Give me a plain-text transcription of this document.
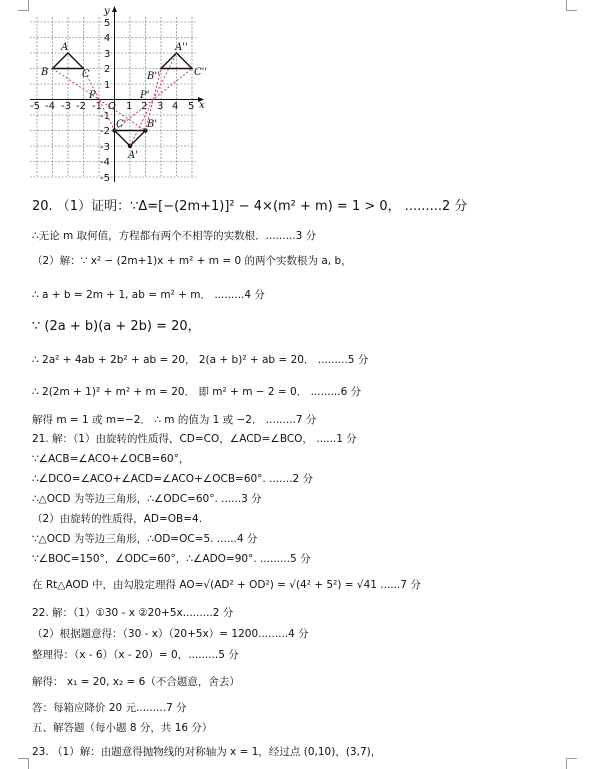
x
y
O
-5 -4 -3 -2 -1 1 2 3 4 5
5
4
3
2
1
-1
-2
-3
-4
-5
A
B	C
A''
B''	C''
P	P'
C' B'
A'
20. （1）证明：∵Δ=[−(2m+1)]² − 4×(m² + m) = 1 > 0， .........2 分
∴无论 m 取何值，方程都有两个不相等的实数根．.........3 分
（2）解：∵ x² − (2m+1)x + m² + m = 0 的两个实数根为 a, b，
∴ a + b = 2m + 1, ab = m² + m． .........4 分
∵ (2a + b)(a + 2b) = 20，
∴ 2a² + 4ab + 2b² + ab = 20， 2(a + b)² + ab = 20． .........5 分
∴ 2(2m + 1)² + m² + m = 20． 即 m² + m − 2 = 0． .........6 分
解得 m = 1 或 m=−2． ∴ m 的值为 1 或 −2． .........7 分
21. 解：（1）由旋转的性质得，CD=CO，∠ACD=∠BCO， ......1 分
∵∠ACB=∠ACO+∠OCB=60°，
∴∠DCO=∠ACO+∠ACD=∠ACO+∠OCB=60°. .......2 分
∴△OCD 为等边三角形，∴∠ODC=60°. ......3 分
（2）由旋转的性质得，AD=OB=4.
∵△OCD 为等边三角形，∴OD=OC=5. ......4 分
∵∠BOC=150°，∠ODC=60°，∴∠ADO=90°. .........5 分
在 Rt△AOD 中，由勾股定理得 AO=√(AD² + OD²) = √(4² + 5²) = √41 ......7 分
22. 解：（1）①30 - x ②20+5x.........2 分
（2）根据题意得：（30 - x）（20+5x）= 1200.........4 分
整理得：（x - 6）（x - 20）= 0，.........5 分
解得： x₁ = 20, x₂ = 6（不合题意，舍去）
答：每箱应降价 20 元.........7 分
五、解答题（每小题 8 分，共 16 分）
23. （1）解：由题意得抛物线的对称轴为 x = 1，经过点 (0,10)，(3,7)，
